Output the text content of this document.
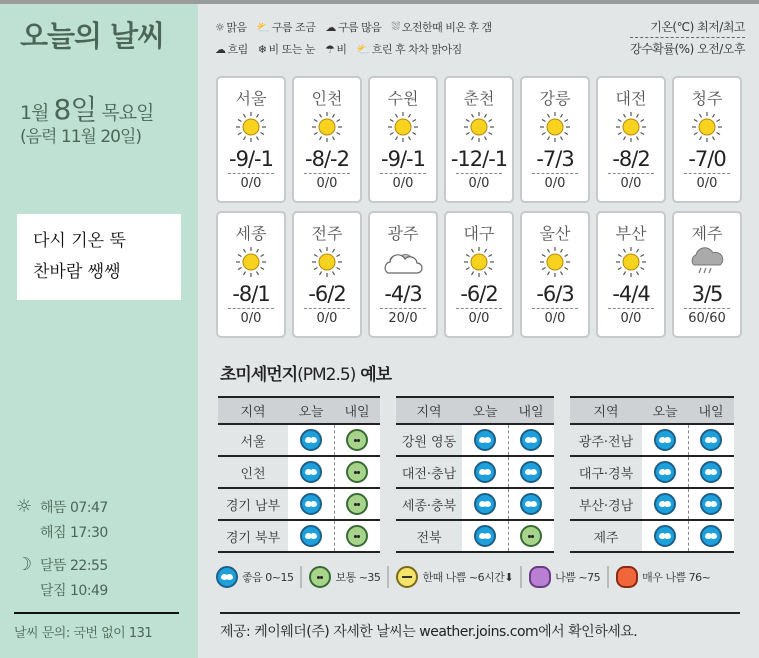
오늘의 날씨
1월 8일 목요일
(음력 11월 20일)
다시 기온 뚝
찬바람 쌩쌩
☼ 해뜸 07:47
해짐 17:30
☽ 달뜸 22:55
달짐 10:49
날씨 문의: 국번 없이 131
☼ 맑음 ⛅ 구름 조금 ☁ 구름 많음 ⛆ 오전한때 비온 후 갬
☁ 흐림 ❄ 비 또는 눈 ☂ 비 ⛅ 흐린 후 차차 맑아짐
기온(℃) 최저/최고
강수확률(%) 오전/오후
서울
-9/-1
0/0
인천
-8/-2
0/0
수원
-9/-1
0/0
춘천
-12/-1
0/0
강릉
-7/3
0/0
대전
-8/2
0/0
청주
-7/0
0/0
세종
-8/1
0/0
전주
-6/2
0/0
광주
-4/3
20/0
대구
-6/2
0/0
울산
-6/3
0/0
부산
-4/4
0/0
제주
3/5
60/60
초미세먼지(PM2.5) 예보
지역	오늘	내일
서울		
인천		
경기 남부		
경기 북부		
지역	오늘	내일
강원 영동		
대전·충남		
세종·충북		
전북		
지역	오늘	내일
광주·전남		
대구·경북		
부산·경남		
제주		
좋음 0~15	보통 ~35	한때 나쁨 ~6시간⬇	나쁨 ~75	매우 나쁨 76~
제공: 케이웨더(주) 자세한 날씨는 weather.joins.com에서 확인하세요.
